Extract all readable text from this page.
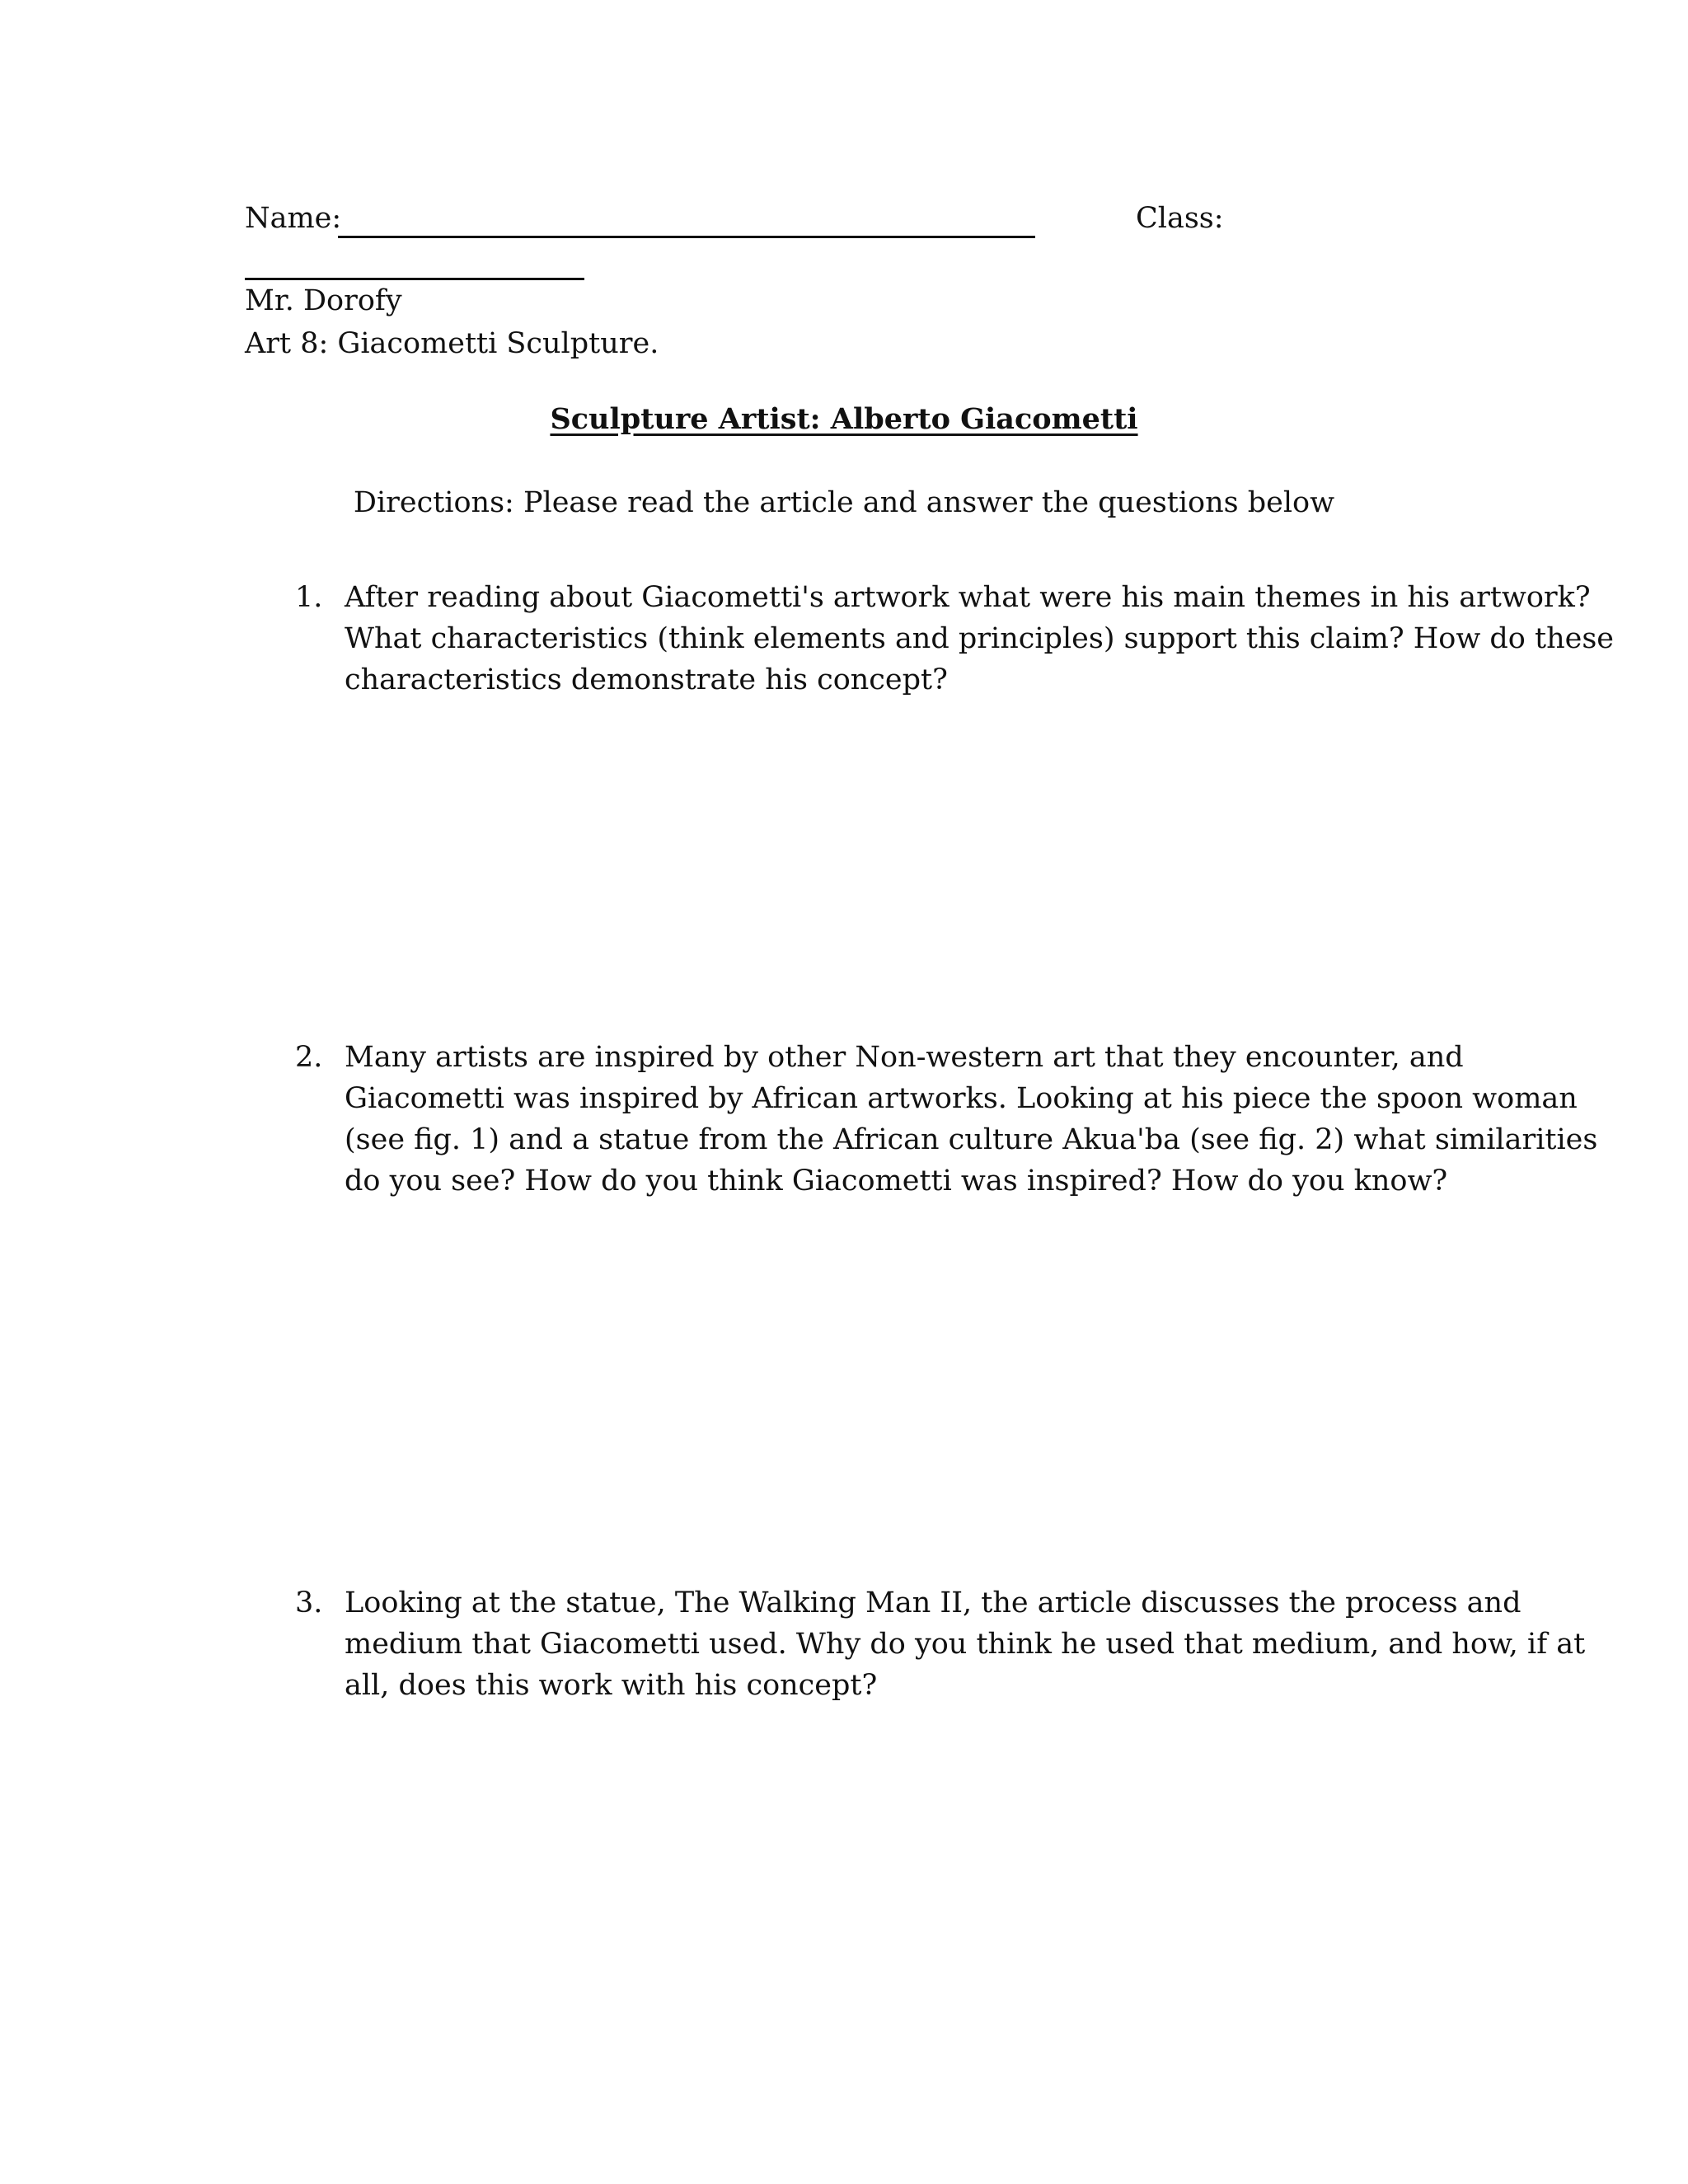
Name:	Class:
Mr. Dorofy
Art 8: Giacometti Sculpture.
Sculpture Artist: Alberto Giacometti
Directions: Please read the article and answer the questions below
1. After reading about Giacometti's artwork what were his main themes in his artwork?
What characteristics (think elements and principles) support this claim? How do these
characteristics demonstrate his concept?
2. Many artists are inspired by other Non-western art that they encounter, and
Giacometti was inspired by African artworks. Looking at his piece the spoon woman
(see fig. 1) and a statue from the African culture Akua'ba (see fig. 2) what similarities
do you see? How do you think Giacometti was inspired? How do you know?
3. Looking at the statue, The Walking Man II, the article discusses the process and
medium that Giacometti used. Why do you think he used that medium, and how, if at
all, does this work with his concept?
